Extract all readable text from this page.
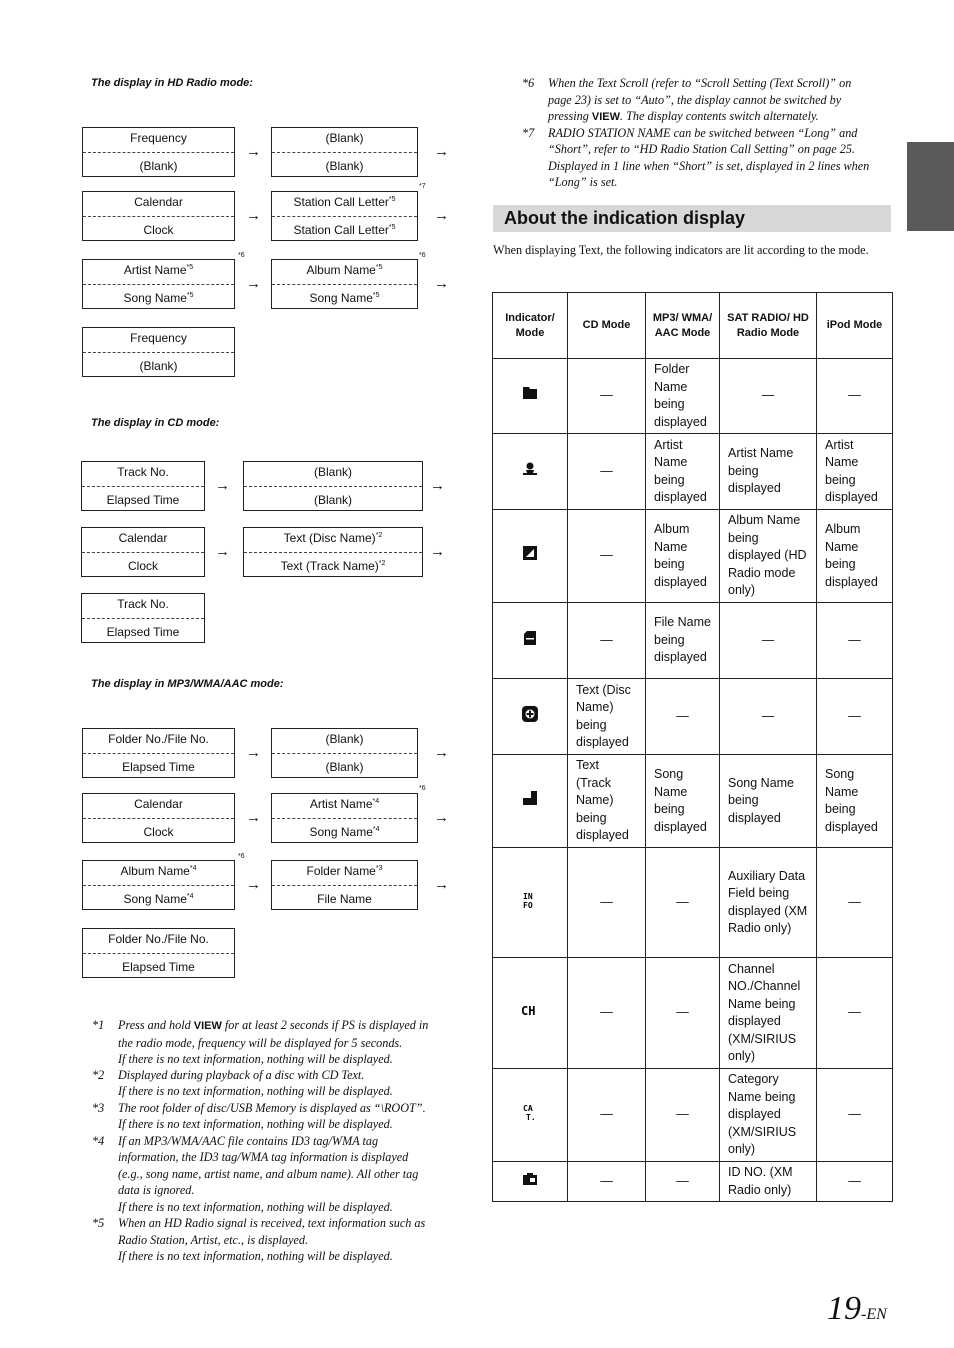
The display in HD Radio mode:
The display in CD mode:
The display in MP3/WMA/AAC mode:
Frequency
(Blank)
→
(Blank)
(Blank)
→
Calendar
Clock
→
Station Call Letter$^{*5}$
Station Call Letter$^{*5}$
→
*7
Artist Name$^{*5}$
Song Name$^{*5}$
→
Album Name$^{*5}$
Song Name$^{*5}$
→
*6	*6
Frequency
(Blank)
Track No.
Elapsed Time
→
(Blank)
(Blank)
→
Calendar
Clock
→
Text (Disc Name)$^{*2}$
Text (Track Name)$^{*2}$
→
Track No.
Elapsed Time
Folder No./File No.
Elapsed Time
→
(Blank)
(Blank)
→
Calendar
Clock
→
Artist Name$^{*4}$
Song Name$^{*4}$
→
*6
Album Name$^{*4}$
Song Name$^{*4}$
→
Folder Name$^{*3}$
File Name
→
*6
Folder No./File No.
Elapsed Time
*1 Press and hold VIEW for at least 2 seconds if PS is displayed in
the radio mode, frequency will be displayed for 5 seconds.
If there is no text information, nothing will be displayed.
*2 Displayed during playback of a disc with CD Text.
If there is no text information, nothing will be displayed.
*3 The root folder of disc/USB Memory is displayed as “\ROOT”.
If there is no text information, nothing will be displayed.
*4 If an MP3/WMA/AAC file contains ID3 tag/WMA tag
information, the ID3 tag/WMA tag information is displayed
(e.g., song name, artist name, and album name). All other tag
data is ignored.
If there is no text information, nothing will be displayed.
*5 When an HD Radio signal is received, text information such as
Radio Station, Artist, etc., is displayed.
If there is no text information, nothing will be displayed.
*6 When the Text Scroll (refer to “Scroll Setting (Text Scroll)” on
page 23) is set to “Auto”, the display cannot be switched by
pressing VIEW. The display contents switch alternately.
*7 RADIO STATION NAME can be switched between “Long” and
“Short”, refer to “HD Radio Station Call Setting” on page 25.
Displayed in 1 line when “Short” is set, displayed in 2 lines when
“Long” is set.
About the indication display
When displaying Text, the following indicators are lit according to the mode.
Indicator/ Mode	CD Mode	MP3/ WMA/ AAC Mode	SAT RADIO/ HD Radio Mode	iPod Mode
	—	Folder Name being displayed	—	—
	—	Artist Name being displayed	Artist Name being displayed	Artist Name being displayed
	—	Album Name being displayed	Album Name being displayed (HD Radio mode only)	Album Name being displayed
	—	File Name being displayed	—	—
	Text (Disc Name) being displayed	—	—	—
	Text (Track Name) being displayed	Song Name being displayed	Song Name being displayed	Song Name being displayed

IN
FO	—	—	Auxiliary Data Field being displayed (XM Radio only)	—

CH	—	—	Channel NO./Channel Name being displayed (XM/SIRIUS only)	—

CA
T.	—	—	Category Name being displayed (XM/SIRIUS only)	—
	—	—	ID NO. (XM Radio only)	—
19-EN
